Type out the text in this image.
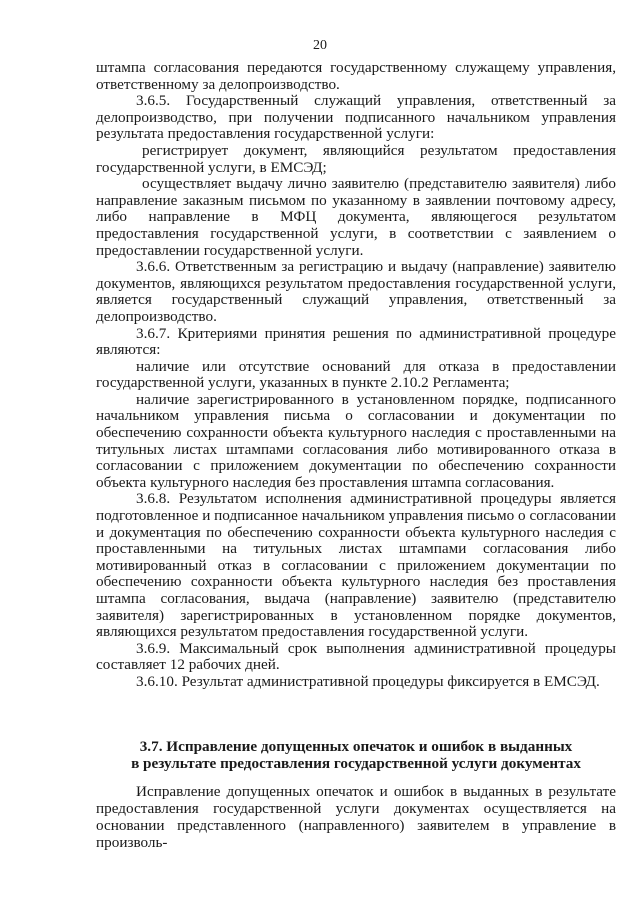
20

штампа согласования передаются государственному служащему управления, ответственному за делопроизводство.

3.6.5. Государственный служащий управления, ответственный за делопроизводство, при получении подписанного начальником управления результата предоставления государственной услуги:

регистрирует документ, являющийся результатом предоставления государственной услуги, в ЕМСЭД;

осуществляет выдачу лично заявителю (представителю заявителя) либо направление заказным письмом по указанному в заявлении почтовому адресу, либо направление в МФЦ документа, являющегося результатом предоставления государственной услуги, в соответствии с заявлением о предоставлении государственной услуги.

3.6.6. Ответственным за регистрацию и выдачу (направление) заявителю документов, являющихся результатом предоставления государственной услуги, является государственный служащий управления, ответственный за делопроизводство.

3.6.7. Критериями принятия решения по административной процедуре являются:

наличие или отсутствие оснований для отказа в предоставлении государственной услуги, указанных в пункте 2.10.2 Регламента;

наличие зарегистрированного в установленном порядке, подписанного начальником управления письма о согласовании и документации по обеспечению сохранности объекта культурного наследия с проставленными на титульных листах штампами согласования либо мотивированного отказа в согласовании с приложением документации по обеспечению сохранности объекта культурного наследия без проставления штампа согласования.

3.6.8. Результатом исполнения административной процедуры является подготовленное и подписанное начальником управления письмо о согласовании и документация по обеспечению сохранности объекта культурного наследия с проставленными на титульных листах штампами согласования либо мотивированный отказ в согласовании с приложением документации по обеспечению сохранности объекта культурного наследия без проставления штампа согласования, выдача (направление) заявителю (представителю заявителя) зарегистрированных в установленном порядке документов, являющихся результатом предоставления государственной услуги.

3.6.9. Максимальный срок выполнения административной процедуры составляет 12 рабочих дней.

3.6.10. Результат административной процедуры фиксируется в ЕМСЭД.

3.7. Исправление допущенных опечаток и ошибок в выданных
в результате предоставления государственной услуги документах

Исправление допущенных опечаток и ошибок в выданных в результате предоставления государственной услуги документах осуществляется на основании представленного (направленного) заявителем в управление в произволь-
